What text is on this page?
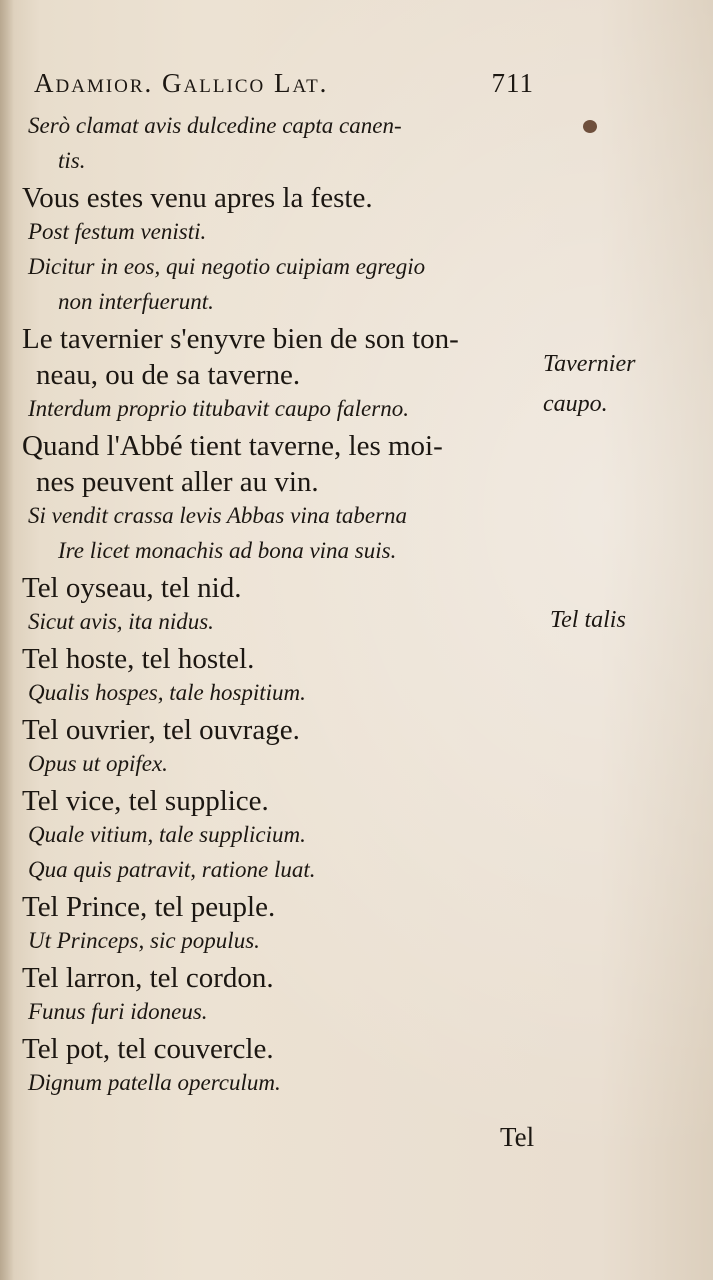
Adamior. Gallico Lat.	711

Serò clamat avis dulcedine capta canen-

tis.

Vous estes venu apres la feste.

Post festum venisti.

Dicitur in eos, qui negotio cuipiam egregio

non interfuerunt.

Le tavernier s'enyvre bien de son ton-

neau, ou de sa taverne.

Interdum proprio titubavit caupo falerno.

Quand l'Abbé tient taverne, les moi-

nes peuvent aller au vin.

Si vendit crassa levis Abbas vina taberna

Ire licet monachis ad bona vina suis.

Tel oyseau, tel nid.

Sicut avis, ita nidus.

Tel hoste, tel hostel.

Qualis hospes, tale hospitium.

Tel ouvrier, tel ouvrage.

Opus ut opifex.

Tel vice, tel supplice.

Quale vitium, tale supplicium.

Qua quis patravit, ratione luat.

Tel Prince, tel peuple.

Ut Princeps, sic populus.

Tel larron, tel cordon.

Funus furi idoneus.

Tel pot, tel couvercle.

Dignum patella operculum.

Tavernier
caupo.
Tel talis
Tel
